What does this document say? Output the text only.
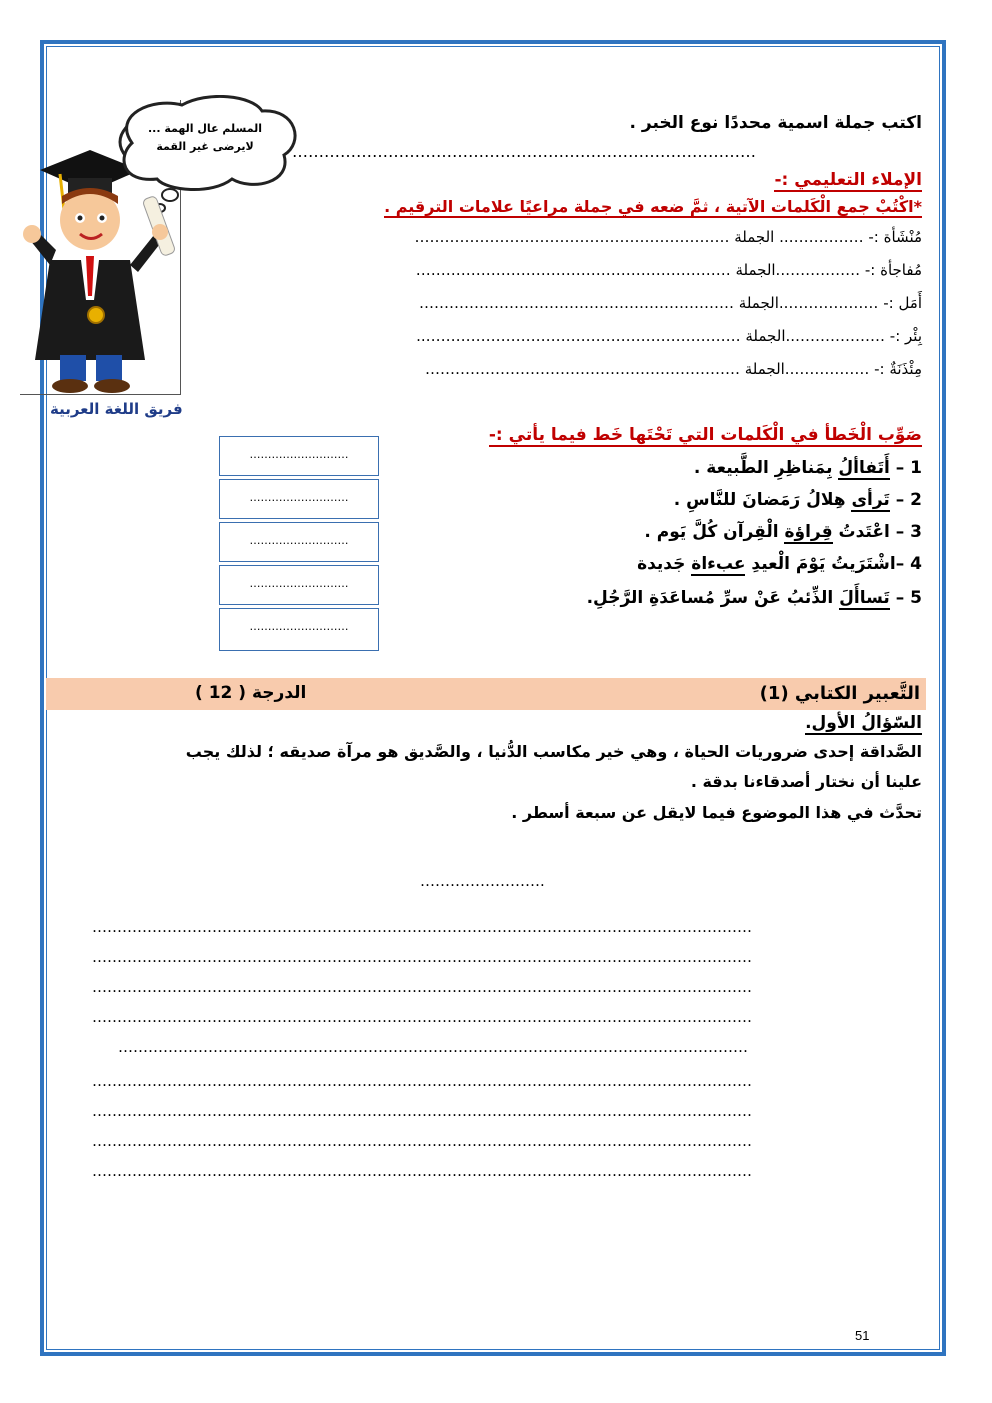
اكتب جملة اسمية محددًا نوع الخبر .
……………………………………………………………………………
المسلم عال الهمة ...
لايرضى غير القمة
فريق اللغة العربية
الإملاء التعليمي :-
*اكْتُبْ جمع الْكَلمات الآتية ، ثمَّ ضعه في جملة مراعيًا علامات الترقيم .
مُنْشَأة :- …………….. الجملة ………………………………………………………
مُفاجأة :- ……………..الجملة ………………………………………………………
أَمَل :- ………………..الجملة ………………………………………………………
بِئْر :- ………………..الجملة ………………………………………………………..
مِئْذَنَةٌ :- ……………..الجملة ………………………………………………………
صَوِّب الْخَطأ في الْكَلمات التي تَحْتَها خَط فيما يأتي :-
1 – أَتَفاألُ بِمَناظِرِ الطَّبيعة .
2 – تَرأى هِلالُ رَمَضانَ للنَّاسِ .
3 – اعْتَدتُ قِراؤة الْقِرآن كُلَّ يَوم .
4 –اشْتَرَيتُ يَوْمَ الْعيدِ عبءاة جَديدة
5 – تَساأَلَ الذِّئبُ عَنْ سرِّ مُساعَدَةِ الرَّجُلِ.
………………………
………………………
………………………
………………………
………………………
التَّعبير الكتابي (1)
الدرجة ( 12 )
السّؤالُ الأول.
الصَّداقة إحدى ضروريات الحياة ، وهي خير مكاسب الدُّنيا ، والصَّديق هو مرآة صديقه ؛ لذلك يجب
علينا أن نختار أصدقاءنا بدقة .
تحدَّث في هذا الموضوع فيما لايقل عن سبعة أسطر .
…………………….
……………………………………………………………………………………………………………………
……………………………………………………………………………………………………………………
……………………………………………………………………………………………………………………
……………………………………………………………………………………………………………………
………………………………………………………………………………………………………………
……………………………………………………………………………………………………………………
……………………………………………………………………………………………………………………
……………………………………………………………………………………………………………………
……………………………………………………………………………………………………………………
51
